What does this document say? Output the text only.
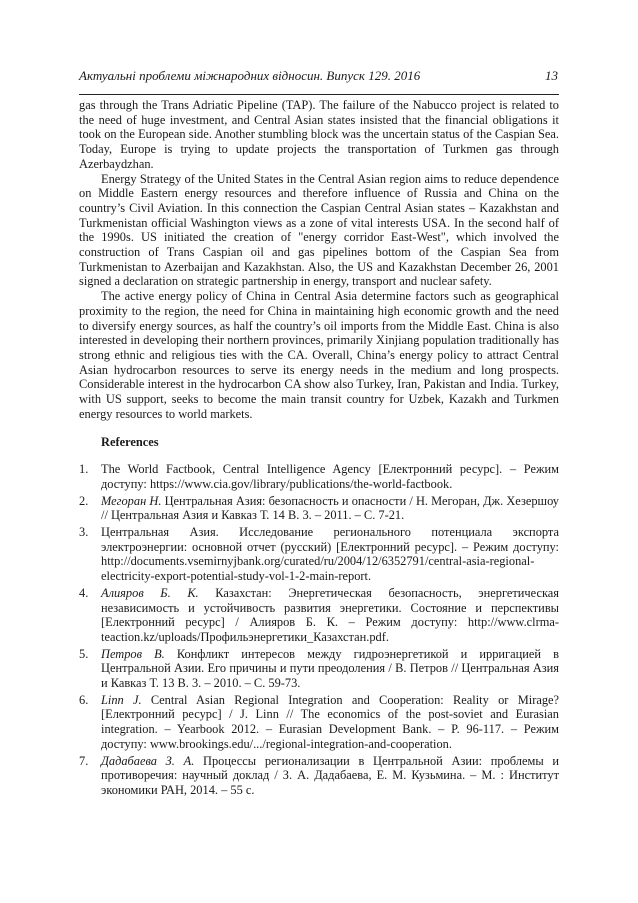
Актуальні проблеми міжнародних відносин. Випуск 129. 2016	13

gas through the Trans Adriatic Pipeline (TAP). The failure of the Nabucco project is related to the need of huge investment, and Central Asian states insisted that the financial obligations it took on the European side. Another stumbling block was the uncertain status of the Caspian Sea. Today, Europe is trying to update projects the transportation of Turkmen gas through Azerbaydzhan.

Energy Strategy of the United States in the Central Asian region aims to reduce dependence on Middle Eastern energy resources and therefore influence of Russia and China on the country’s Civil Aviation. In this connection the Caspian Central Asian states – Kazakhstan and Turkmenistan official Washington views as a zone of vital interests USA. In the second half of the 1990s. US initiated the creation of "energy corridor East-West", which involved the construction of Trans Caspian oil and gas pipelines bottom of the Caspian Sea from Turkmenistan to Azerbaijan and Kazakhstan. Also, the US and Kazakhstan December 26, 2001 signed a declaration on strategic partnership in energy, transport and nuclear safety.

The active energy policy of China in Central Asia determine factors such as geographical proximity to the region, the need for China in maintaining high economic growth and the need to diversify energy sources, as half the country’s oil imports from the Middle East. China is also interested in developing their northern provinces, primarily Xinjiang population traditionally has strong ethnic and religious ties with the CA. Overall, China’s energy policy to attract Central Asian hydrocarbon resources to serve its energy needs in the medium and long prospects. Considerable interest in the hydrocarbon CA show also Turkey, Iran, Pakistan and India. Turkey, with US support, seeks to become the main transit country for Uzbek, Kazakh and Turkmen energy resources to world markets.

References
1. The World Factbook, Central Intelligence Agency [Електронний ресурс]. – Режим доступу: https://www.cia.gov/library/publications/the-world-factbook.
2. Мегоран Н. Центральная Азия: безопасность и опасности / Н. Мегоран, Дж. Хезершоу // Центральная Азия и Кавказ Т. 14 В. 3. – 2011. – С. 7-21.
3. Центральная Азия. Исследование регионального потенциала экспорта электроэнергии: основной отчет (русский) [Електронний ресурс]. – Режим доступу: http://documents.vsemirnyjbank.org/curated/ru/2004/12/6352791/central-asia-regional-electricity-export-potential-study-vol-1-2-main-report.
4. Алияров Б. К. Казахстан: Энергетическая безопасность, энергетическая независимость и устойчивость развития энергетики. Состояние и перспективы [Електронний ресурс] / Алияров Б. К. – Режим доступу: http://www.clrma-teaction.kz/uploads/Профильэнергетики_Казахстан.pdf.
5. Петров В. Конфликт интересов между гидроэнергетикой и ирригацией в Центральной Азии. Его причины и пути преодоления / В. Петров // Центральная Азия и Кавказ Т. 13 В. 3. – 2010. – С. 59-73.
6. Linn J. Central Asian Regional Integration and Cooperation: Reality or Mirage? [Електронний ресурс] / J. Linn // The economics of the post-soviet and Eurasian integration. – Yearbook 2012. – Eurasian Development Bank. – P. 96-117. – Режим доступу: www.brookings.edu/.../regional-integration-and-cooperation.
7. Дадабаева З. А. Процессы регионализации в Центральной Азии: проблемы и противоречия: научный доклад / З. А. Дадабаева, Е. М. Кузьмина. – М. : Институт экономики РАН, 2014. – 55 с.
